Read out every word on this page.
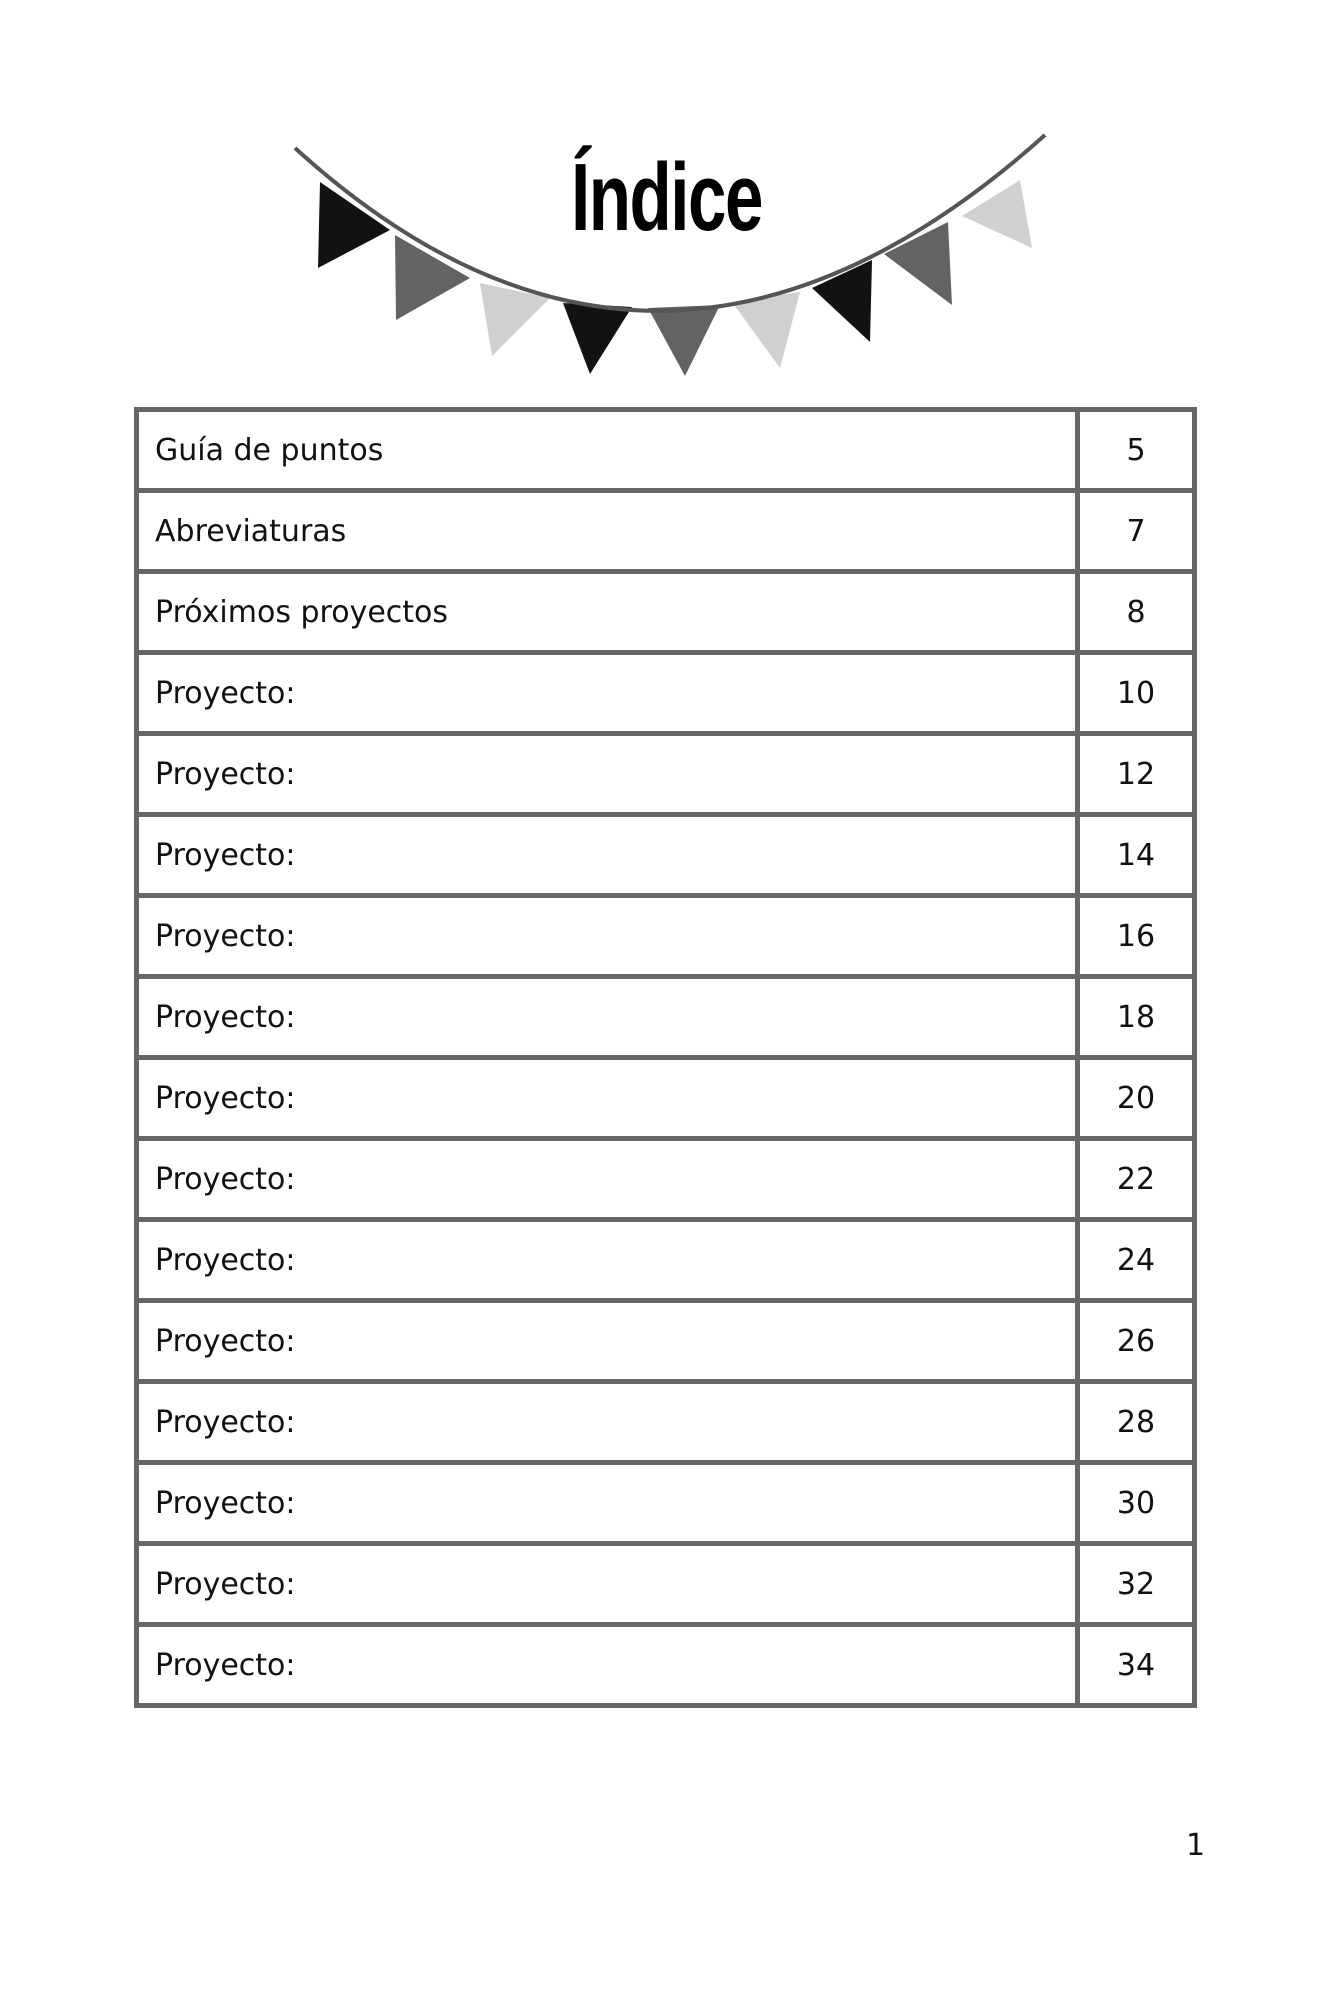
Índice
Guía de puntos	5
Abreviaturas	7
Próximos proyectos	8
Proyecto:	10
Proyecto:	12
Proyecto:	14
Proyecto:	16
Proyecto:	18
Proyecto:	20
Proyecto:	22
Proyecto:	24
Proyecto:	26
Proyecto:	28
Proyecto:	30
Proyecto:	32
Proyecto:	34
1
